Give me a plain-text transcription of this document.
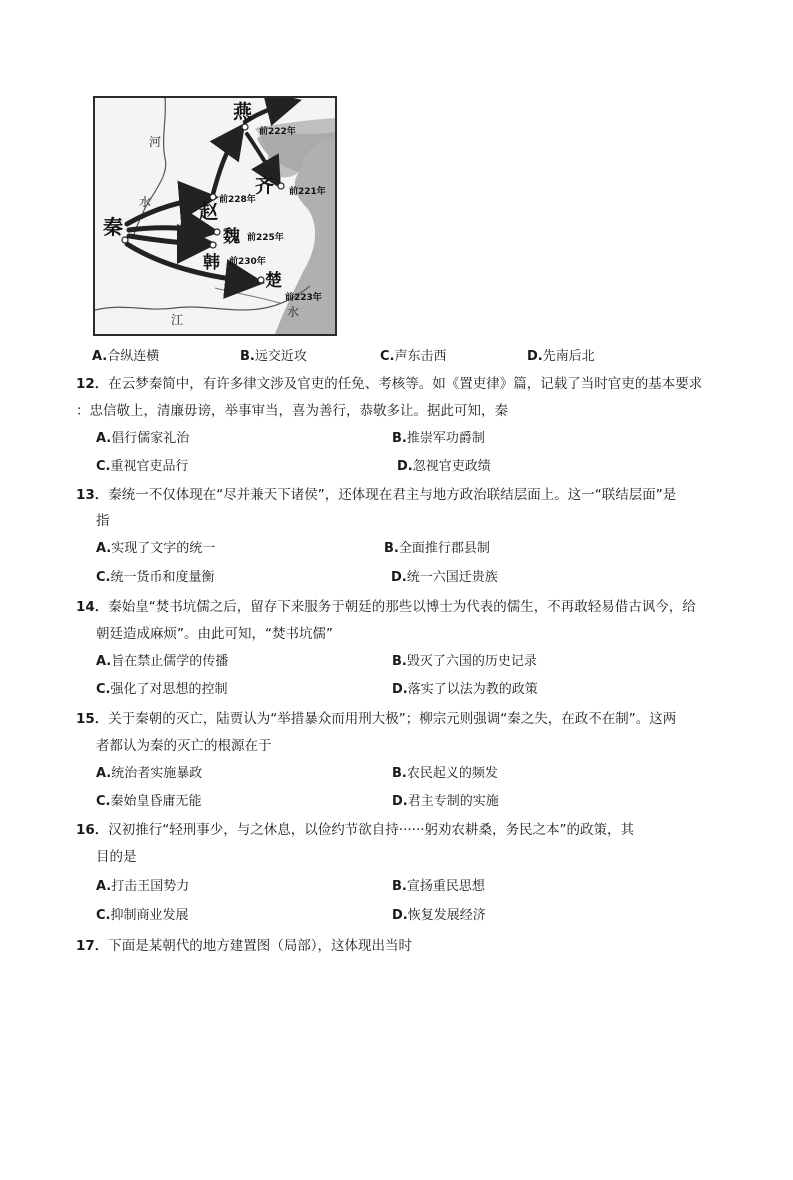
秦
燕
赵
齐
魏
韩
楚
前222年
前228年
前221年
前225年
前230年
前223年
河
水
江
水
A.合纵连横	B.远交近攻	C.声东击西	D.先南后北
12．在云梦秦简中，有许多律文涉及官吏的任免、考核等。如《置吏律》篇，记载了当时官吏的基本要求
：忠信敬上，清廉毋谤，举事审当，喜为善行，恭敬多让。据此可知，秦
A.倡行儒家礼治	B.推崇军功爵制
C.重视官吏品行	D.忽视官吏政绩
13．秦统一不仅体现在“尽并兼天下诸侯”，还体现在君主与地方政治联结层面上。这一“联结层面”是
指
A.实现了文字的统一	B.全面推行郡县制
C.统一货币和度量衡	D.统一六国迁贵族
14．秦始皇“焚书坑儒之后，留存下来服务于朝廷的那些以博士为代表的儒生，不再敢轻易借古讽今，给
朝廷造成麻烦”。由此可知，“焚书坑儒”
A.旨在禁止儒学的传播	B.毁灭了六国的历史记录
C.强化了对思想的控制	D.落实了以法为教的政策
15．关于秦朝的灭亡，陆贾认为“举措暴众而用刑大极”；柳宗元则强调“秦之失，在政不在制”。这两
者都认为秦的灭亡的根源在于
A.统治者实施暴政	B.农民起义的频发
C.秦始皇昏庸无能	D.君主专制的实施
16．汉初推行“轻刑事少，与之休息，以俭约节欲自持······躬劝农耕桑，务民之本”的政策，其
目的是
A.打击王国势力	B.宣扬重民思想
C.抑制商业发展	D.恢复发展经济
17．下面是某朝代的地方建置图（局部），这体现出当时
